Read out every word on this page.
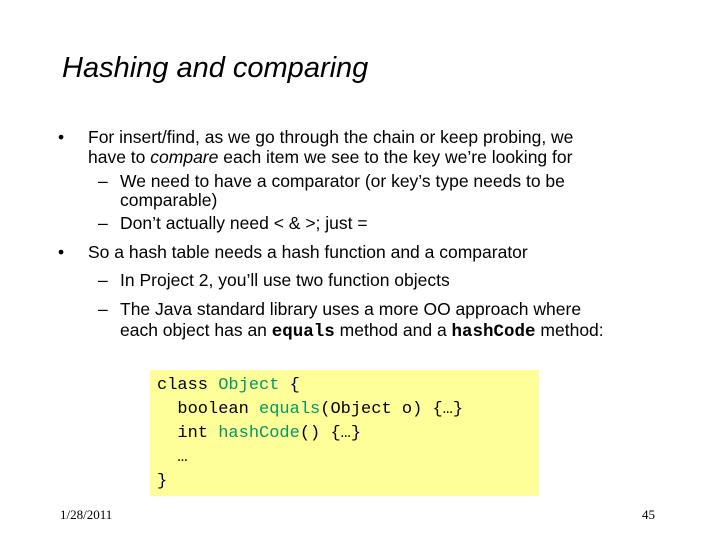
Hashing and comparing
• For insert/find, as we go through the chain or keep probing, we
have to compare each item we see to the key we’re looking for
– We need to have a comparator (or key’s type needs to be
comparable)
– Don’t actually need < & >; just =
• So a hash table needs a hash function and a comparator
– In Project 2, you’ll use two function objects
– The Java standard library uses a more OO approach where
each object has an equals method and a hashCode method:
class Object {
boolean equals(Object o) {…}
int hashCode() {…}
…
}
1/28/2011	45
